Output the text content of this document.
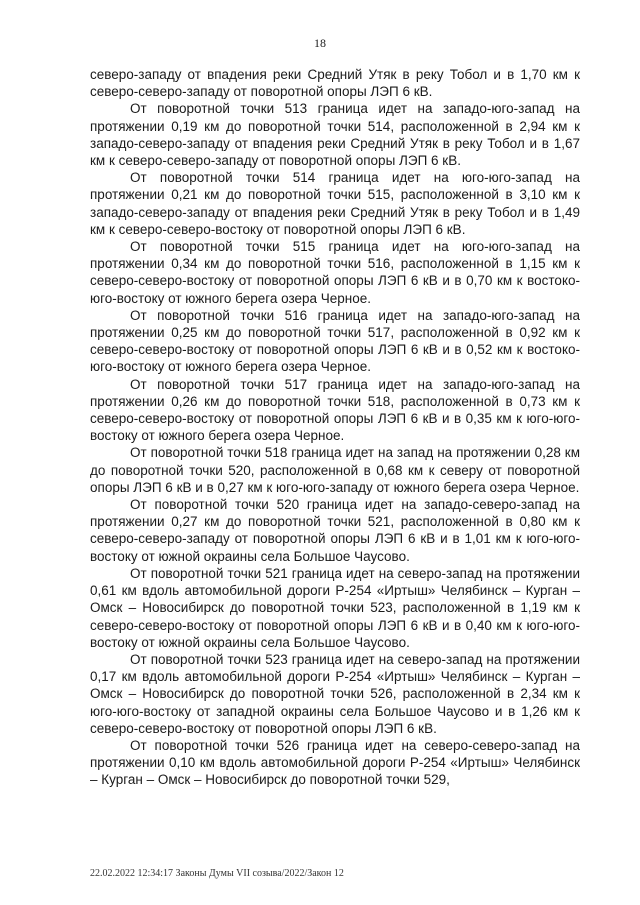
18

северо-западу от впадения реки Средний Утяк в реку Тобол и в 1,70 км к северо-северо-западу от поворотной опоры ЛЭП 6 кВ.

От поворотной точки 513 граница идет на западо-юго-запад на протяжении 0,19 км до поворотной точки 514, расположенной в 2,94 км к западо-северо-западу от впадения реки Средний Утяк в реку Тобол и в 1,67 км к северо-северо-западу от поворотной опоры ЛЭП 6 кВ.

От поворотной точки 514 граница идет на юго-юго-запад на протяжении 0,21 км до поворотной точки 515, расположенной в 3,10 км к западо-северо-западу от впадения реки Средний Утяк в реку Тобол и в 1,49 км к северо-северо-востоку от поворотной опоры ЛЭП 6 кВ.

От поворотной точки 515 граница идет на юго-юго-запад на протяжении 0,34 км до поворотной точки 516, расположенной в 1,15 км к северо-северо-востоку от поворотной опоры ЛЭП 6 кВ и в 0,70 км к востоко-юго-востоку от южного берега озера Черное.

От поворотной точки 516 граница идет на западо-юго-запад на протяжении 0,25 км до поворотной точки 517, расположенной в 0,92 км к северо-северо-востоку от поворотной опоры ЛЭП 6 кВ и в 0,52 км к востоко-юго-востоку от южного берега озера Черное.

От поворотной точки 517 граница идет на западо-юго-запад на протяжении 0,26 км до поворотной точки 518, расположенной в 0,73 км к северо-северо-востоку от поворотной опоры ЛЭП 6 кВ и в 0,35 км к юго-юго-востоку от южного берега озера Черное.

От поворотной точки 518 граница идет на запад на протяжении 0,28 км до поворотной точки 520, расположенной в 0,68 км к северу от поворотной опоры ЛЭП 6 кВ и в 0,27 км к юго-юго-западу от южного берега озера Черное.

От поворотной точки 520 граница идет на западо-северо-запад на протяжении 0,27 км до поворотной точки 521, расположенной в 0,80 км к северо-северо-западу от поворотной опоры ЛЭП 6 кВ и в 1,01 км к юго-юго-востоку от южной окраины села Большое Чаусово.

От поворотной точки 521 граница идет на северо-запад на протяжении 0,61 км вдоль автомобильной дороги Р-254 «Иртыш» Челябинск – Курган – Омск – Новосибирск до поворотной точки 523, расположенной в 1,19 км к северо-северо-востоку от поворотной опоры ЛЭП 6 кВ и в 0,40 км к юго-юго-востоку от южной окраины села Большое Чаусово.

От поворотной точки 523 граница идет на северо-запад на протяжении 0,17 км вдоль автомобильной дороги Р-254 «Иртыш» Челябинск – Курган – Омск – Новосибирск до поворотной точки 526, расположенной в 2,34 км к юго-юго-востоку от западной окраины села Большое Чаусово и в 1,26 км к северо-северо-востоку от поворотной опоры ЛЭП 6 кВ.

От поворотной точки 526 граница идет на северо-северо-запад на протяжении 0,10 км вдоль автомобильной дороги Р-254 «Иртыш» Челябинск – Курган – Омск – Новосибирск до поворотной точки 529,

22.02.2022 12:34:17 Законы Думы VII созыва/2022/Закон 12
